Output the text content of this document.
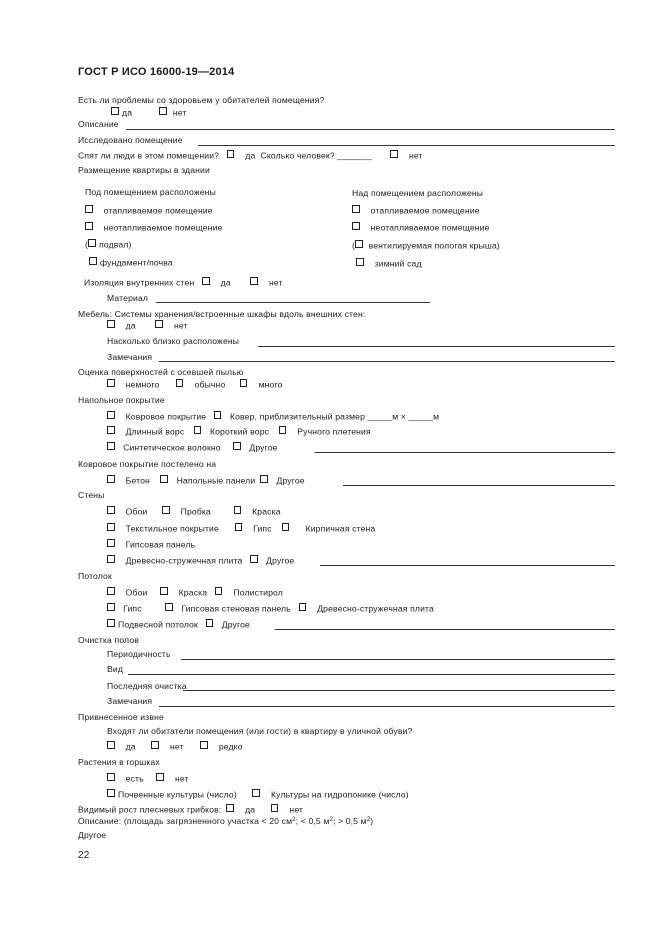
ГОСТ Р ИСО 16000-19—2014
Есть ли проблемы со здоровьем у обитателей помещения?
да	нет
Описание
Исследовано помещение
Спят ли люди в этом помещении?	да Сколько человек? _______	нет
Размещение квартиры в здании
Под помещением расположены	Над помещением расположены
отапливаемое помещение	отапливаемое помещение
неотапливаемое помещение	неотапливаемое помещение
( подвал)	( вентилируемая пологая крыша)
фундамент/почва	зимний сад
Изоляция внутренних стен	да	нет
Материал
Мебель: Системы хранения/встроенные шкафы вдоль внешних стен:
да	нет
Насколько близко расположены
Замечания
Оценка поверхностей с осевшей пылью
немного	обычно	много
Напольное покрытие
Ковровое покрытие	Ковер, приблизительный размер _____м × _____м
Длинный ворс	Короткий ворс	Ручного плетения
Синтетическое волокно	Другое
Ковровое покрытие постелено на
Бетон	Напольные панели Другое
Стены
Обои	Пробка	Краска
Текстильное покрытие	Гипс	Кирпичная стена
Гипсовая панель
Древесно-стружечная плита	Другое
Потолок
Обои	Краска	Полистирол
Гипс	Гипсовая стеновая панель	Древесно-стружечная плита
Подвесной потолок	Другое
Очистка полов
Периодичность
Вид
Последняя очистка
Замечания
Привнесенное извне
Входят ли обитатели помещения (или гости) в квартиру в уличной обуви?
да	нет	редко
Растения в горшках
есть	нет
Почвенные культуры (число)	Культуры на гидропонике (число)
Видимый рост плесневых грибков:	да	нет
Описание: (площадь загрязненного участка < 20 $см^2$; < 0,5 $м^2$; > 0,5 $м^2$)
Другое
22
